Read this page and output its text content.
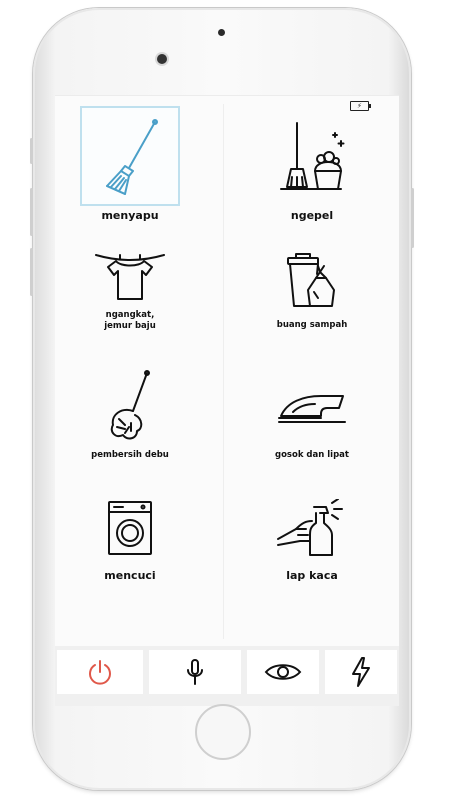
⚡
menyapu	ngepel
ngangkat,
jemur baju	buang sampah
pembersih debu	gosok dan lipat
mencuci	lap kaca
